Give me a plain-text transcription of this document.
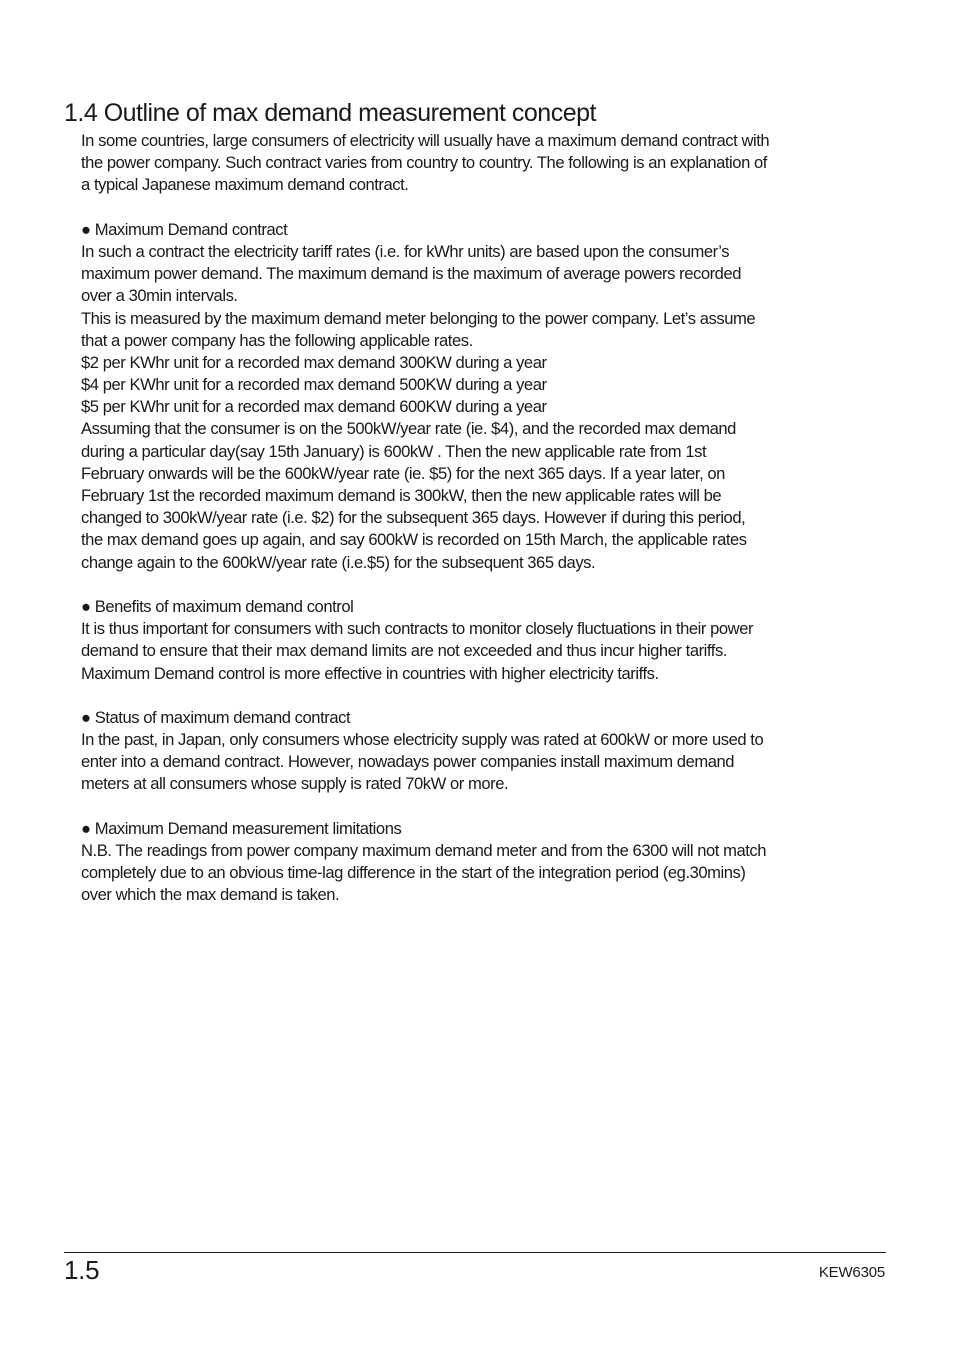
1.4 Outline of max demand measurement concept
In some countries, large consumers of electricity will usually have a maximum demand contract with
the power company. Such contract varies from country to country. The following is an explanation of
a typical Japanese maximum demand contract.
● Maximum Demand contract
In such a contract the electricity tariff rates (i.e. for kWhr units) are based upon the consumer’s
maximum power demand. The maximum demand is the maximum of average powers recorded
over a 30min intervals.
This is measured by the maximum demand meter belonging to the power company. Let’s assume
that a power company has the following applicable rates.
$2 per KWhr unit for a recorded max demand 300KW during a year
$4 per KWhr unit for a recorded max demand 500KW during a year
$5 per KWhr unit for a recorded max demand 600KW during a year
Assuming that the consumer is on the 500kW/year rate (ie. $4), and the recorded max demand
during a particular day(say 15th January) is 600kW . Then the new applicable rate from 1st
February onwards will be the 600kW/year rate (ie. $5) for the next 365 days. If a year later, on
February 1st the recorded maximum demand is 300kW, then the new applicable rates will be
changed to 300kW/year rate (i.e. $2) for the subsequent 365 days. However if during this period,
the max demand goes up again, and say 600kW is recorded on 15th March, the applicable rates
change again to the 600kW/year rate (i.e.$5) for the subsequent 365 days.
● Benefits of maximum demand control
It is thus important for consumers with such contracts to monitor closely fluctuations in their power
demand to ensure that their max demand limits are not exceeded and thus incur higher tariffs.
Maximum Demand control is more effective in countries with higher electricity tariffs.
● Status of maximum demand contract
In the past, in Japan, only consumers whose electricity supply was rated at 600kW or more used to
enter into a demand contract. However, nowadays power companies install maximum demand
meters at all consumers whose supply is rated 70kW or more.
● Maximum Demand measurement limitations
N.B. The readings from power company maximum demand meter and from the 6300 will not match
completely due to an obvious time-lag difference in the start of the integration period (eg.30mins)
over which the max demand is taken.
1.5	KEW6305
